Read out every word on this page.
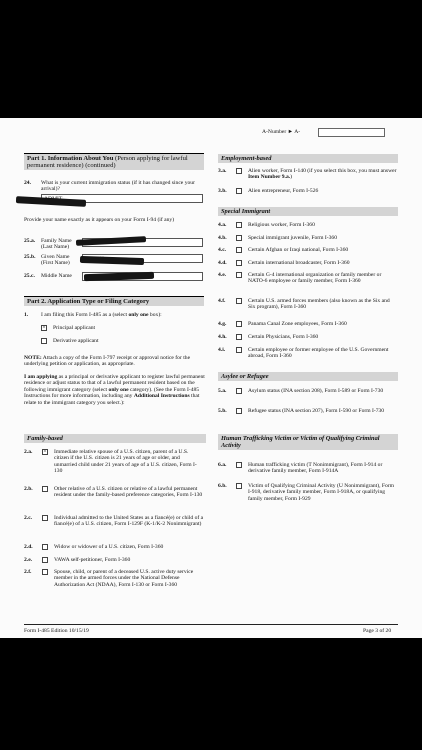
A-Number ► A-
Part 1. Information About You (Person applying for lawful permanent residence) (continued)
24. What is your current immigration status (if it has changed since your arrival)?
Provide your name exactly as it appears on your Form I-94 (if any)
25.a. Family Name (Last Name)
25.b. Given Name (First Name)
25.c. Middle Name
Part 2. Application Type or Filing Category
1. I am filing this Form I-485 as a (select only one box):
× Principal applicant
Derivative applicant
NOTE: Attach a copy of the Form I-797 receipt or approval notice for the underlying petition or application, as appropriate.
I am applying as a principal or derivative applicant to register lawful permanent residence or adjust status to that of a lawful permanent resident based on the following immigrant category (select only one category). (See the Form I-485 Instructions for more information, including any Additional Instructions that relate to the immigrant category you select.):
Family-based
2.a. × Immediate relative spouse of a U.S. citizen, parent of a U.S. citizen if the U.S. citizen is 21 years of age or older, and unmarried child under 21 years of age of a U.S. citizen, Form I-130
2.b.	Other relative of a U.S. citizen or relative of a lawful permanent resident under the family-based preference categories, Form I-130
2.c.	Individual admitted to the United States as a fiancé(e) or child of a fiancé(e) of a U.S. citizen, Form I-129F (K-1/K-2 Nonimmigrant)
2.d.	Widow or widower of a U.S. citizen, Form I-360
2.e.	VAWA self-petitioner, Form I-360
2.f.	Spouse, child, or parent of a deceased U.S. active duty service member in the armed forces under the National Defense Authorization Act (NDAA), Form I-130 or Form I-360
Employment-based
3.a.	Alien worker, Form I-140 (if you select this box, you must answer Item Number 9.a.)
3.b.	Alien entrepreneur, Form I-526
Special Immigrant
4.a.	Religious worker, Form I-360
4.b.	Special immigrant juvenile, Form I-360
4.c.	Certain Afghan or Iraqi national, Form I-360
4.d.	Certain international broadcaster, Form I-360
4.e.	Certain G-4 international organization or family member or NATO-6 employee or family member, Form I-360
4.f.	Certain U.S. armed forces members (also known as the Six and Six program), Form I-360
4.g.	Panama Canal Zone employees, Form I-360
4.h.	Certain Physicians, Form I-360
4.i.	Certain employee or former employee of the U.S. Government abroad, Form I-360
Asylee or Refugee
5.a.	Asylum status (INA section 208), Form I-589 or Form I-730
5.b.	Refugee status (INA section 207), Form I-590 or Form I-730
Human Trafficking Victim or Victim of Qualifying Criminal Activity
6.a.	Human trafficking victim (T Nonimmigrant), Form I-914 or derivative family member, Form I-914A
6.b.	Victim of Qualifying Criminal Activity (U Nonimmigrant), Form I-918, derivative family member, Form I-918A, or qualifying family member, Form I-929
Form I-485 Edition 10/15/19	Page 3 of 20
